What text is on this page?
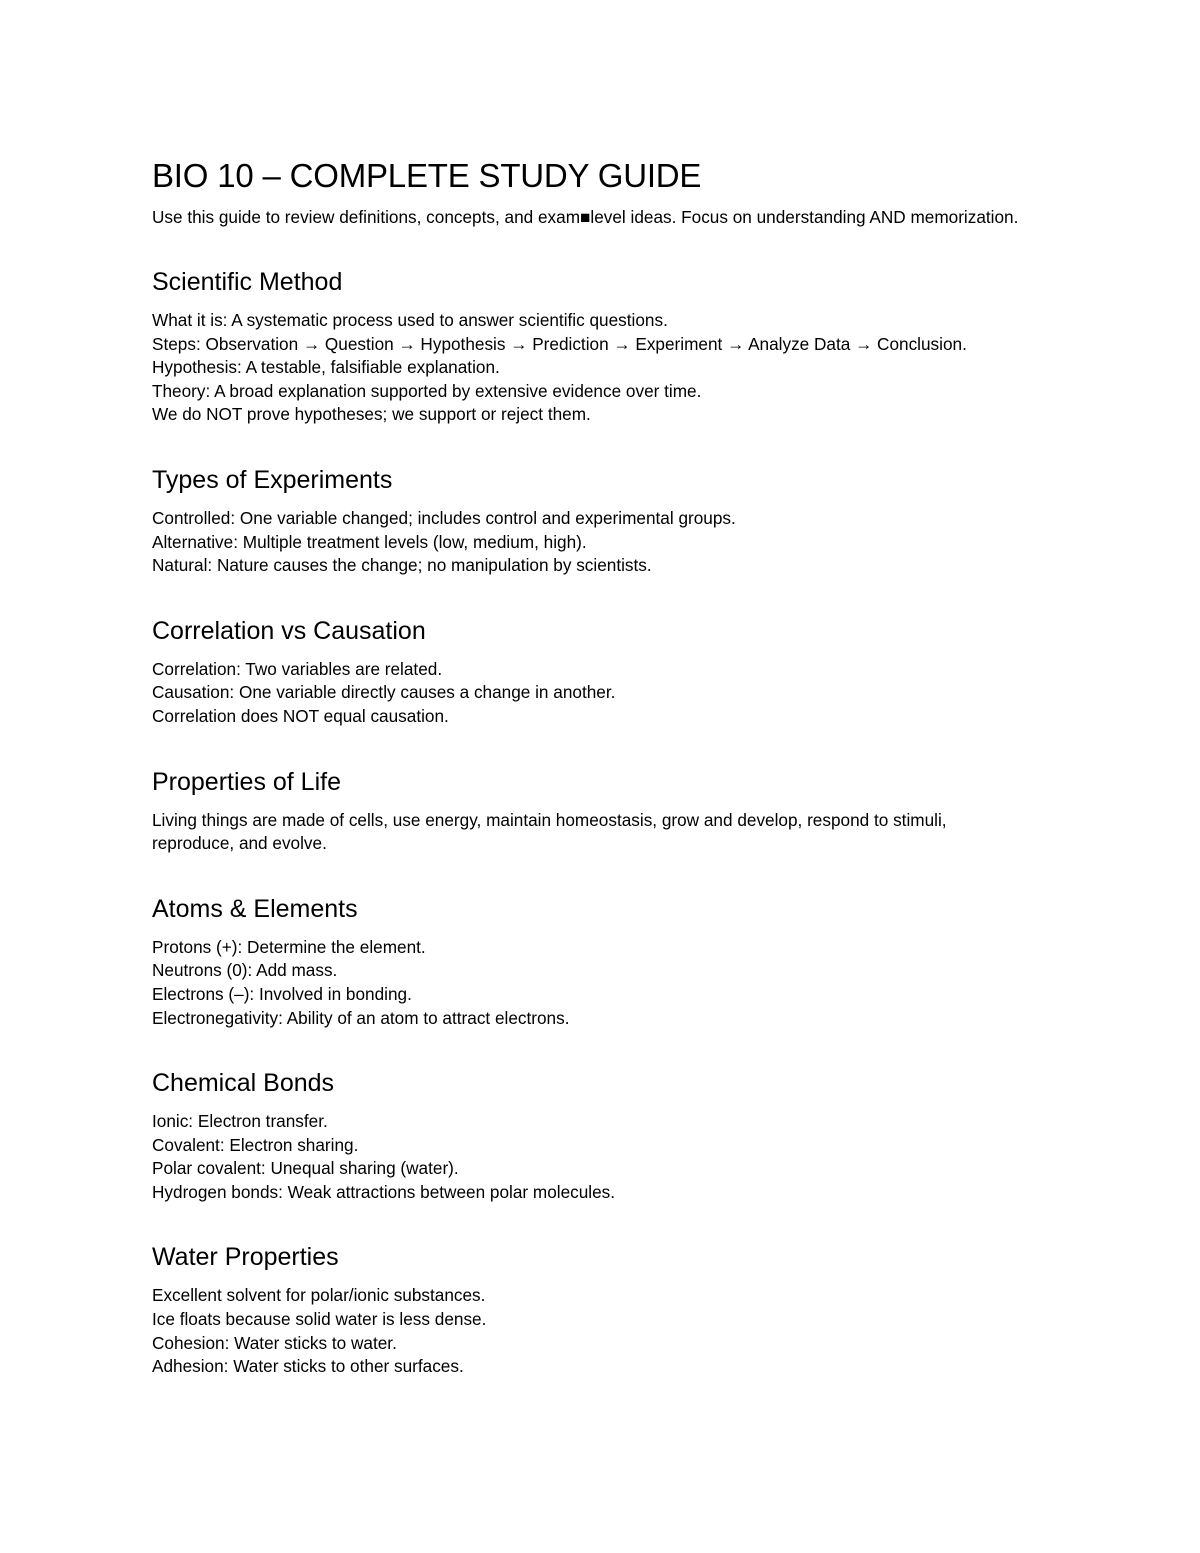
BIO 10 – COMPLETE STUDY GUIDE

Use this guide to review definitions, concepts, and exam■level ideas. Focus on understanding AND memorization.

Scientific Method

What it is: A systematic process used to answer scientific questions.

Steps: Observation → Question → Hypothesis → Prediction → Experiment → Analyze Data → Conclusion.

Hypothesis: A testable, falsifiable explanation.

Theory: A broad explanation supported by extensive evidence over time.

We do NOT prove hypotheses; we support or reject them.

Types of Experiments

Controlled: One variable changed; includes control and experimental groups.

Alternative: Multiple treatment levels (low, medium, high).

Natural: Nature causes the change; no manipulation by scientists.

Correlation vs Causation

Correlation: Two variables are related.

Causation: One variable directly causes a change in another.

Correlation does NOT equal causation.

Properties of Life

Living things are made of cells, use energy, maintain homeostasis, grow and develop, respond to stimuli, reproduce, and evolve.

Atoms & Elements

Protons (+): Determine the element.

Neutrons (0): Add mass.

Electrons (–): Involved in bonding.

Electronegativity: Ability of an atom to attract electrons.

Chemical Bonds

Ionic: Electron transfer.

Covalent: Electron sharing.

Polar covalent: Unequal sharing (water).

Hydrogen bonds: Weak attractions between polar molecules.

Water Properties

Excellent solvent for polar/ionic substances.

Ice floats because solid water is less dense.

Cohesion: Water sticks to water.

Adhesion: Water sticks to other surfaces.
